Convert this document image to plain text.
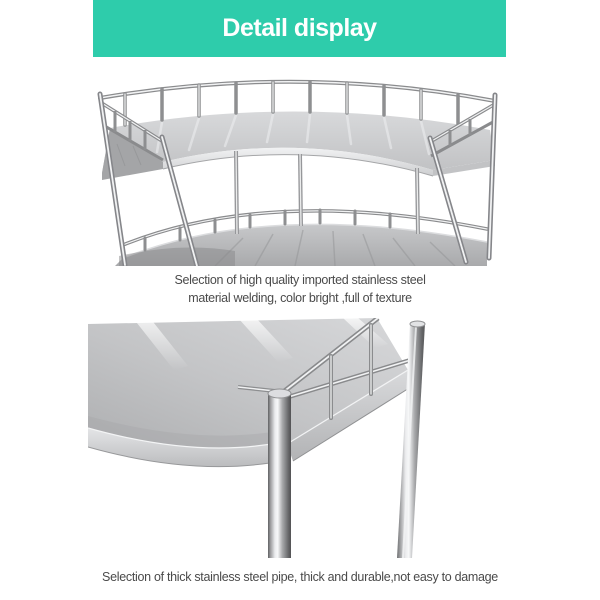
Detail display
Selection of high quality imported stainless steel
material welding, color bright ,full of texture
Selection of thick stainless steel pipe, thick and durable,not easy to damage
